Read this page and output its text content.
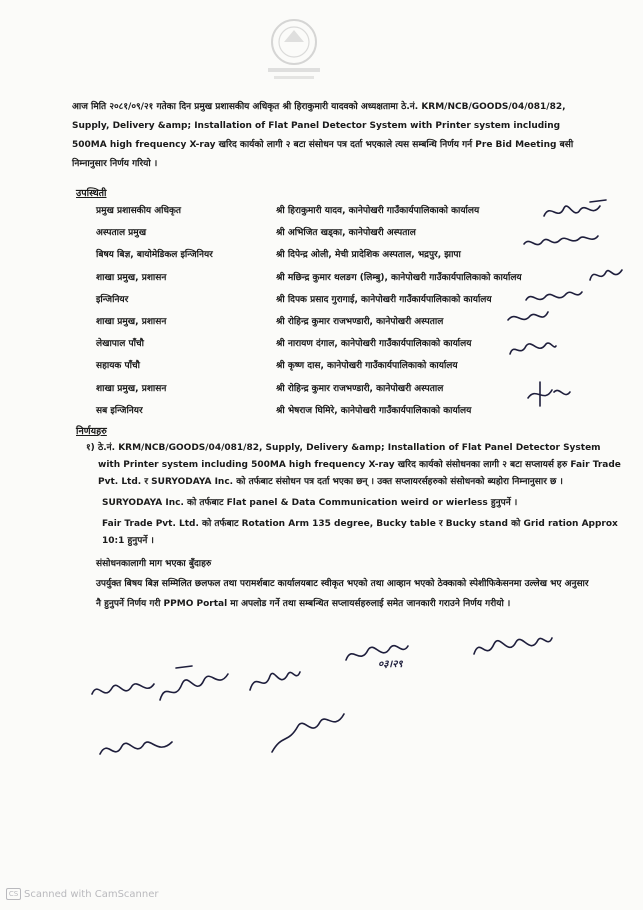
आज मिति २०८१/०९/२१ गतेका दिन प्रमुख प्रशासकीय अधिकृत श्री हिराकुमारी यादवको अध्यक्षतामा ठे.नं. KRM/NCB/GOODS/04/081/82, Supply, Delivery &amp; Installation of Flat Panel Detector System with Printer system including 500MA high frequency X-ray खरिद कार्यको लागी २ बटा संसोधन पत्र दर्ता भएकाले त्यस सम्बन्धि निर्णय गर्न Pre Bid Meeting बसी निम्नानुसार निर्णय गरियो ।
उपस्थिती
प्रमुख प्रशासकीय अधिकृत	श्री हिराकुमारी यादव, कानेपोखरी गाउँकार्यपालिकाको कार्यालय
अस्पताल प्रमुख	श्री अभिजित खड्का, कानेपोखरी अस्पताल
बिषय बिज्ञ, बायोमेडिकल इन्जिनियर	श्री दिपेन्द्र ओली, मेची प्रादेशिक अस्पताल, भद्रपुर, झापा
शाखा प्रमुख, प्रशासन	श्री मछिन्द्र कुमार थलङग (लिम्बु), कानेपोखरी गाउँकार्यपालिकाको कार्यालय
इन्जिनियर	श्री दिपक प्रसाद गुरागाई, कानेपोखरी गाउँकार्यपालिकाको कार्यालय
शाखा प्रमुख, प्रशासन	श्री रोहिन्द्र कुमार राजभण्डारी, कानेपोखरी अस्पताल
लेखापाल पाँचौ	श्री नारायण दंगाल, कानेपोखरी गाउँकार्यपालिकाको कार्यालय
सहायक पाँचौ	श्री कृष्ण दास, कानेपोखरी गाउँकार्यपालिकाको कार्यालय
शाखा प्रमुख, प्रशासन	श्री रोहिन्द्र कुमार राजभण्डारी, कानेपोखरी अस्पताल
सब इन्जिनियर	श्री भेषराज घिमिरे, कानेपोखरी गाउँकार्यपालिकाको कार्यालय
निर्णयहरु
१) ठे.नं. KRM/NCB/GOODS/04/081/82, Supply, Delivery &amp; Installation of Flat Panel Detector System with Printer system including 500MA high frequency X-ray खरिद कार्यको संसोधनका लागी २ बटा सप्लायर्स हरु Fair Trade Pvt. Ltd. र SURYODAYA Inc. को तर्फबाट संसोधन पत्र दर्ता भएका छन् । उक्त सप्लायरर्सहरुको संसोधनको ब्यहोरा निम्नानुसार छ ।
SURYODAYA Inc. को तर्फबाट Flat panel & Data Communication weird or wierless हुनुपर्ने ।
Fair Trade Pvt. Ltd. को तर्फबाट Rotation Arm 135 degree, Bucky table र Bucky stand को Grid ration Approx 10:1 हुनुपर्ने ।
संसोधनकालागी माग भएका बुँदाहरु
उपर्युक्त बिषय बिज्ञ सम्मिलित छलफल तथा परामर्शबाट कार्यालयबाट स्वीकृत भएको तथा आव्हान भएको ठेक्काको स्पेशीफिकेसनमा उल्लेख भए अनुसार नै हुनुपर्ने निर्णय गरी PPMO Portal मा अपलोड गर्ने तथा सम्बन्धित सप्लायर्सहरुलाई समेत जानकारी गराउने निर्णय गरीयो ।
०३।२९
CS Scanned with CamScanner
